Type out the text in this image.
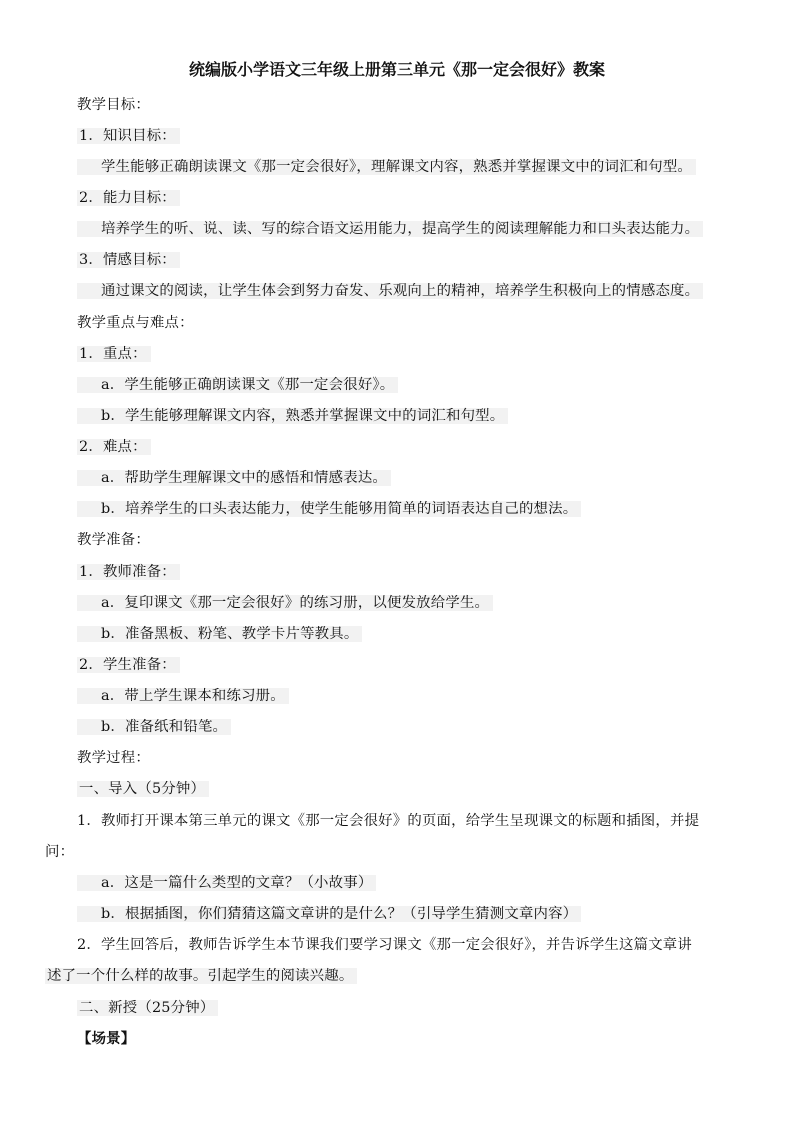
统编版小学语文三年级上册第三单元《那一定会很好》教案
教学目标：
1．知识目标：
学生能够正确朗读课文《那一定会很好》，理解课文内容，熟悉并掌握课文中的词汇和句型。
2．能力目标：
培养学生的听、说、读、写的综合语文运用能力，提高学生的阅读理解能力和口头表达能力。
3．情感目标：
通过课文的阅读，让学生体会到努力奋发、乐观向上的精神，培养学生积极向上的情感态度。
教学重点与难点：
1．重点：
a．学生能够正确朗读课文《那一定会很好》。
b．学生能够理解课文内容，熟悉并掌握课文中的词汇和句型。
2．难点：
a．帮助学生理解课文中的感悟和情感表达。
b．培养学生的口头表达能力，使学生能够用简单的词语表达自己的想法。
教学准备：
1．教师准备：
a．复印课文《那一定会很好》的练习册，以便发放给学生。
b．准备黑板、粉笔、教学卡片等教具。
2．学生准备：
a．带上学生课本和练习册。
b．准备纸和铅笔。
教学过程：
一、导入（5分钟）
1．教师打开课本第三单元的课文《那一定会很好》的页面，给学生呈现课文的标题和插图，并提
问：
a．这是一篇什么类型的文章？（小故事）
b．根据插图，你们猜猜这篇文章讲的是什么？（引导学生猜测文章内容）
2．学生回答后，教师告诉学生本节课我们要学习课文《那一定会很好》，并告诉学生这篇文章讲
述了一个什么样的故事。引起学生的阅读兴趣。
二、新授（25分钟）
【场景】
